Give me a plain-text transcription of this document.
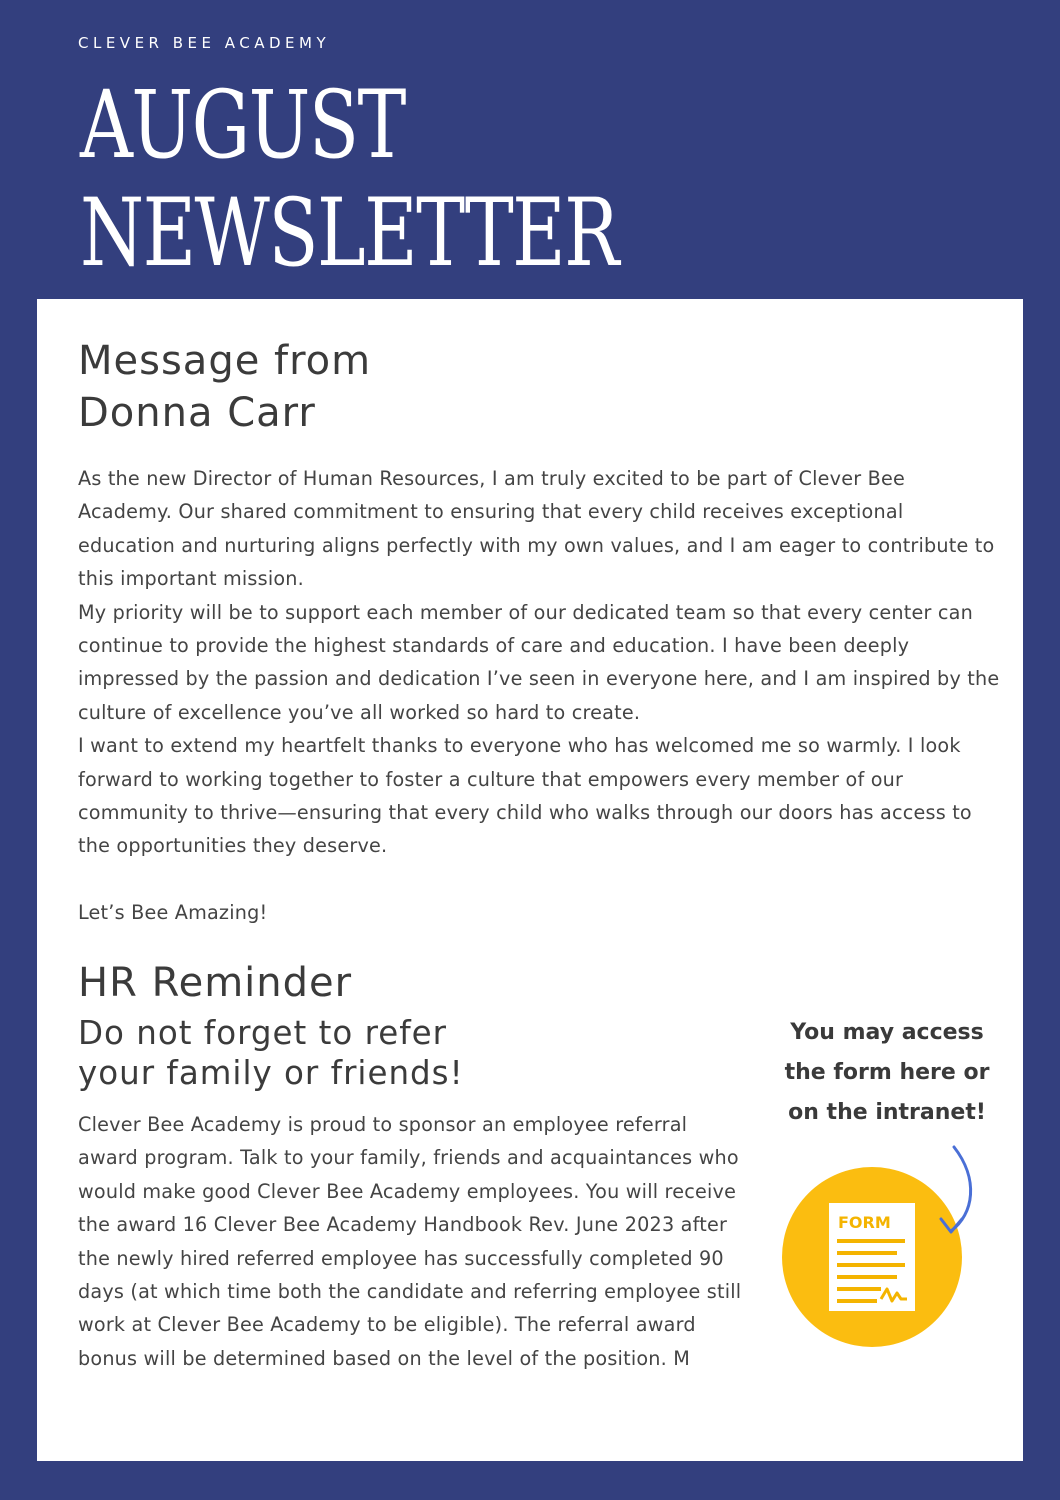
CLEVER BEE ACADEMY

AUGUST
NEWSLETTER
Message from
Donna Carr

As the new Director of Human Resources, I am truly excited to be part of Clever Bee Academy. Our shared commitment to ensuring that every child receives exceptional education and nurturing aligns perfectly with my own values, and I am eager to contribute to this important mission.

My priority will be to support each member of our dedicated team so that every center can continue to provide the highest standards of care and education. I have been deeply impressed by the passion and dedication I’ve seen in everyone here, and I am inspired by the culture of excellence you’ve all worked so hard to create.

I want to extend my heartfelt thanks to everyone who has welcomed me so warmly. I look forward to working together to foster a culture that empowers every member of our community to thrive—ensuring that every child who walks through our doors has access to the opportunities they deserve.

Let’s Bee Amazing!

HR Reminder
Do not forget to refer
your family or friends!

Clever Bee Academy is proud to sponsor an employee referral award program. Talk to your family, friends and acquaintances who would make good Clever Bee Academy employees. You will receive the award 16 Clever Bee Academy Handbook Rev. June 2023 after the newly hired referred employee has successfully completed 90 days (at which time both the candidate and referring employee still work at Clever Bee Academy to be eligible). The referral award bonus will be determined based on the level of the position. M

You may access
the form here or
on the intranet!

FORM
